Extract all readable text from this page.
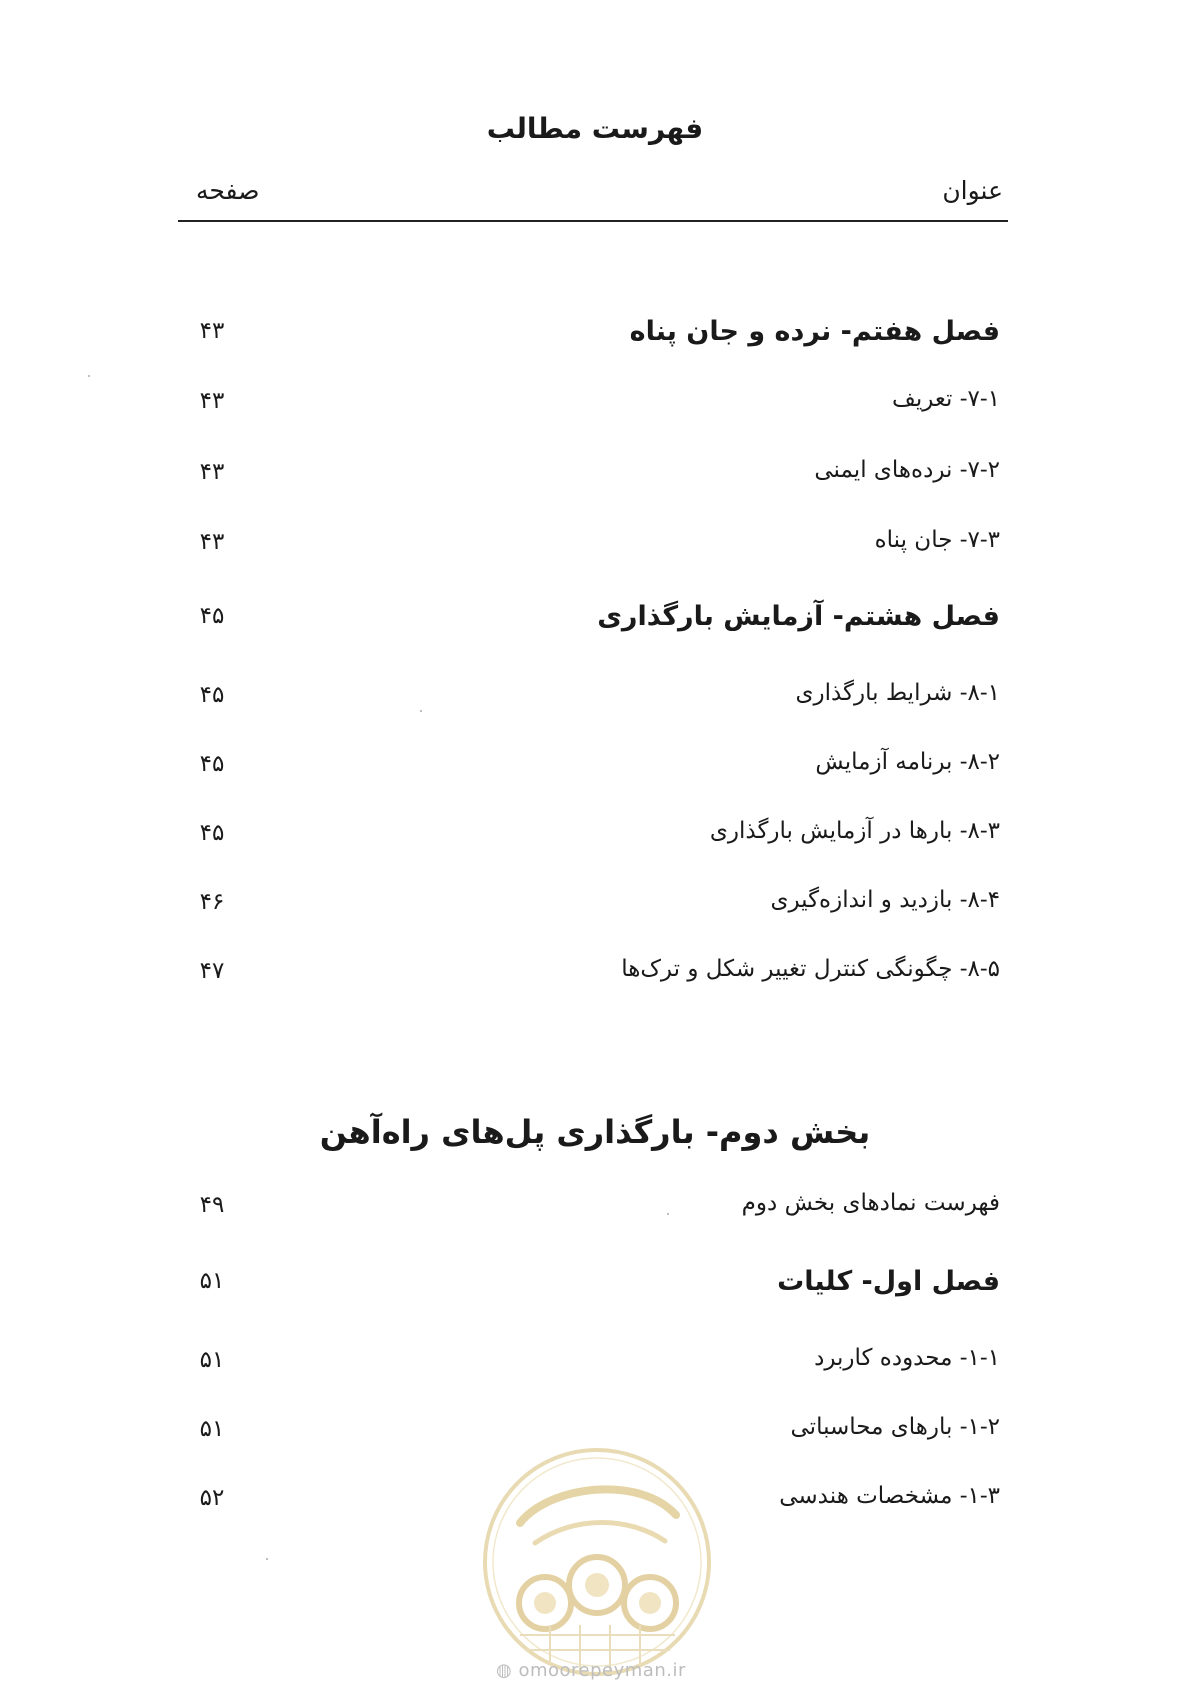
فهرست مطالب
عنوان
صفحه
فصل هفتم- نرده و جان پناه
۴۳
۷-۱- تعریف
۴۳
۷-۲- نرده‌های ایمنی
۴۳
۷-۳- جان پناه
۴۳
فصل هشتم- آزمایش بارگذاری
۴۵
۸-۱- شرایط بارگذاری
۴۵
۸-۲- برنامه آزمایش
۴۵
۸-۳- بارها در آزمایش بارگذاری
۴۵
۸-۴- بازدید و اندازه‌گیری
۴۶
۸-۵- چگونگی کنترل تغییر شکل و ترک‌ها
۴۷
بخش دوم- بارگذاری پل‌های راه‌آهن
فهرست نمادهای بخش دوم
۴۹
فصل اول- کلیات
۵۱
۱-۱- محدوده کاربرد
۵۱
۱-۲- بارهای محاسباتی
۵۱
۱-۳- مشخصات هندسی
۵۲
◍ omoorepeyman.ir
